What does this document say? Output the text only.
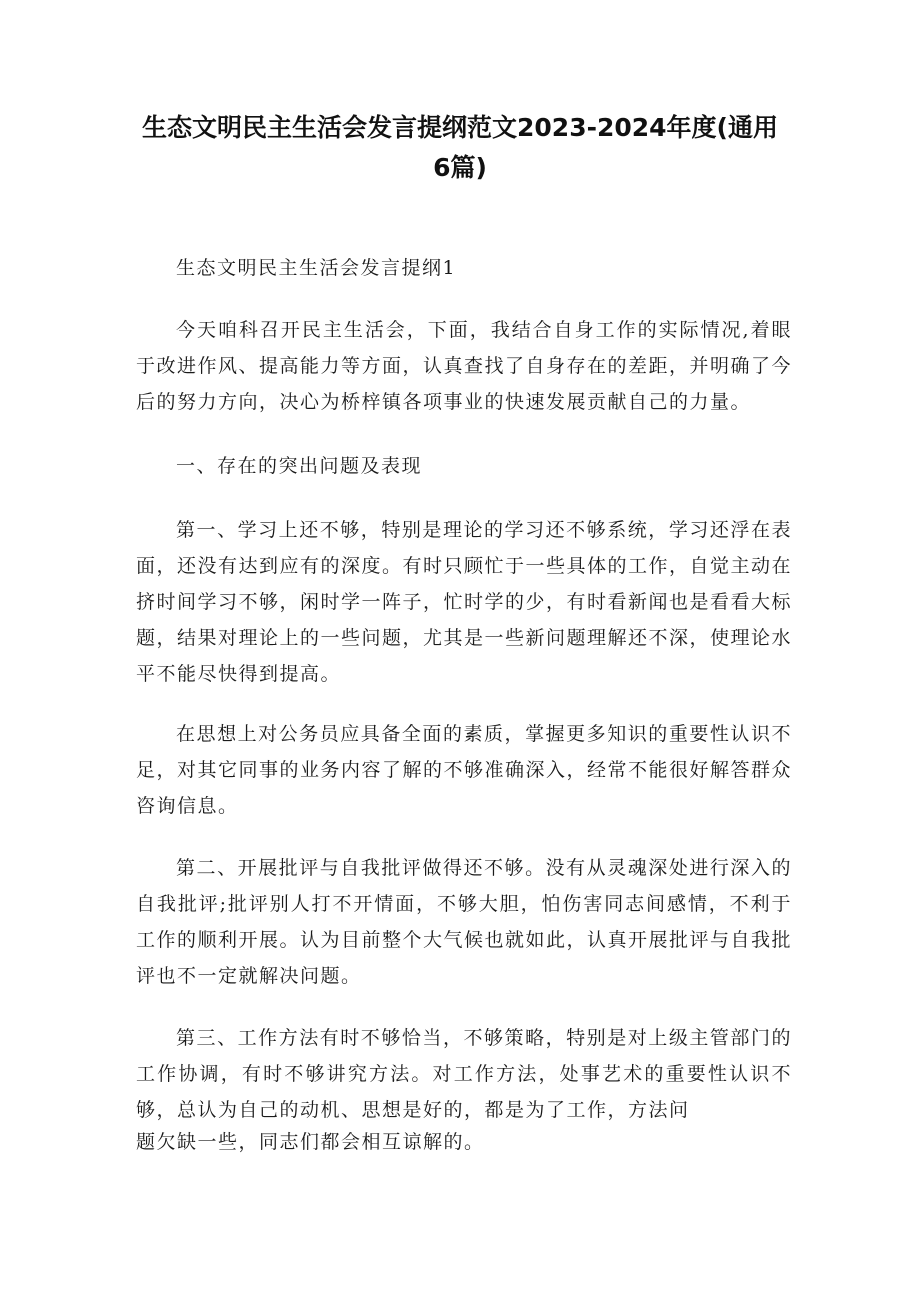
生态文明民主生活会发言提纲范文2023-2024年度(通用6篇)

生态文明民主生活会发言提纲1

今天咱科召开民主生活会，下面，我结合自身工作的实际情况,着眼于改进作风、提高能力等方面，认真查找了自身存在的差距，并明确了今后的努力方向，决心为桥梓镇各项事业的快速发展贡献自己的力量。

一、存在的突出问题及表现

第一、学习上还不够，特别是理论的学习还不够系统，学习还浮在表面，还没有达到应有的深度。有时只顾忙于一些具体的工作，自觉主动在挤时间学习不够，闲时学一阵子，忙时学的少，有时看新闻也是看看大标题，结果对理论上的一些问题，尤其是一些新问题理解还不深，使理论水平不能尽快得到提高。

在思想上对公务员应具备全面的素质，掌握更多知识的重要性认识不足，对其它同事的业务内容了解的不够准确深入，经常不能很好解答群众咨询信息。

第二、开展批评与自我批评做得还不够。没有从灵魂深处进行深入的自我批评;批评别人打不开情面，不够大胆，怕伤害同志间感情，不利于工作的顺利开展。认为目前整个大气候也就如此，认真开展批评与自我批评也不一定就解决问题。

第三、工作方法有时不够恰当，不够策略，特别是对上级主管部门的工作协调，有时不够讲究方法。对工作方法，处事艺术的重要性认识不够，总认为自己的动机、思想是好的，都是为了工作，方法问

题欠缺一些，同志们都会相互谅解的。
